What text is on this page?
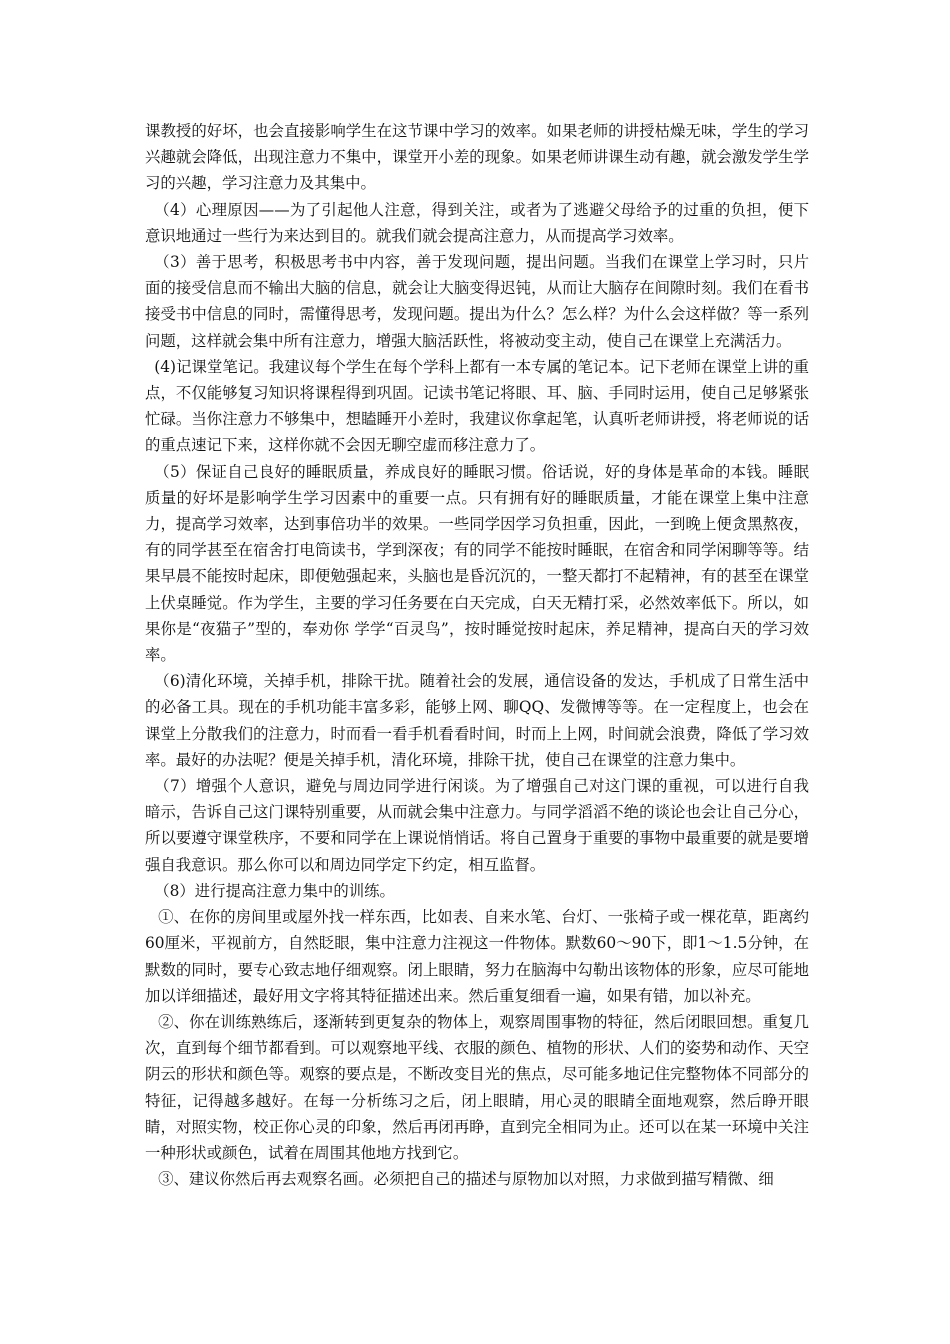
课教授的好坏，也会直接影响学生在这节课中学习的效率。如果老师的讲授枯燥无味，学生的学习兴趣就会降低，出现注意力不集中，课堂开小差的现象。如果老师讲课生动有趣，就会激发学生学习的兴趣，学习注意力及其集中。

（4）心理原因——为了引起他人注意，得到关注，或者为了逃避父母给予的过重的负担，便下意识地通过一些行为来达到目的。就我们就会提高注意力，从而提高学习效率。

（3）善于思考，积极思考书中内容，善于发现问题，提出问题。当我们在课堂上学习时，只片面的接受信息而不输出大脑的信息，就会让大脑变得迟钝，从而让大脑存在间隙时刻。我们在看书接受书中信息的同时，需懂得思考，发现问题。提出为什么？怎么样？为什么会这样做？等一系列问题，这样就会集中所有注意力，增强大脑活跃性，将被动变主动，使自己在课堂上充满活力。

(4)记课堂笔记。我建议每个学生在每个学科上都有一本专属的笔记本。记下老师在课堂上讲的重点，不仅能够复习知识将课程得到巩固。记读书笔记将眼、耳、脑、手同时运用，使自己足够紧张忙碌。当你注意力不够集中，想瞌睡开小差时，我建议你拿起笔，认真听老师讲授，将老师说的话的重点速记下来，这样你就不会因无聊空虚而移注意力了。

（5）保证自己良好的睡眠质量，养成良好的睡眠习惯。俗话说，好的身体是革命的本钱。睡眠质量的好坏是影响学生学习因素中的重要一点。只有拥有好的睡眠质量，才能在课堂上集中注意力，提高学习效率，达到事倍功半的效果。一些同学因学习负担重，因此，一到晚上便贪黑熬夜，有的同学甚至在宿舍打电筒读书，学到深夜；有的同学不能按时睡眠，在宿舍和同学闲聊等等。结果早晨不能按时起床，即便勉强起来，头脑也是昏沉沉的，一整天都打不起精神，有的甚至在课堂上伏桌睡觉。作为学生，主要的学习任务要在白天完成，白天无精打采，必然效率低下。所以，如果你是“夜猫子”型的，奉劝你 学学“百灵鸟”，按时睡觉按时起床，养足精神，提高白天的学习效率。

（6)清化环境，关掉手机，排除干扰。随着社会的发展，通信设备的发达，手机成了日常生活中的必备工具。现在的手机功能丰富多彩，能够上网、聊QQ、发微博等等。在一定程度上，也会在课堂上分散我们的注意力，时而看一看手机看看时间，时而上上网，时间就会浪费，降低了学习效率。最好的办法呢？便是关掉手机，清化环境，排除干扰，使自己在课堂的注意力集中。

（7）增强个人意识，避免与周边同学进行闲谈。为了增强自己对这门课的重视，可以进行自我暗示，告诉自己这门课特别重要，从而就会集中注意力。与同学滔滔不绝的谈论也会让自己分心，所以要遵守课堂秩序，不要和同学在上课说悄悄话。将自己置身于重要的事物中最重要的就是要增强自我意识。那么你可以和周边同学定下约定，相互监督。

（8）进行提高注意力集中的训练。

①、在你的房间里或屋外找一样东西，比如表、自来水笔、台灯、一张椅子或一棵花草，距离约60厘米，平视前方，自然眨眼，集中注意力注视这一件物体。默数60～90下，即1～1.5分钟，在默数的同时，要专心致志地仔细观察。闭上眼睛，努力在脑海中勾勒出该物体的形象，应尽可能地加以详细描述，最好用文字将其特征描述出来。然后重复细看一遍，如果有错，加以补充。

②、你在训练熟练后，逐渐转到更复杂的物体上，观察周围事物的特征，然后闭眼回想。重复几次，直到每个细节都看到。可以观察地平线、衣服的颜色、植物的形状、人们的姿势和动作、天空阴云的形状和颜色等。观察的要点是，不断改变目光的焦点，尽可能多地记住完整物体不同部分的特征，记得越多越好。在每一分析练习之后，闭上眼睛，用心灵的眼睛全面地观察，然后睁开眼睛，对照实物，校正你心灵的印象，然后再闭再睁，直到完全相同为止。还可以在某一环境中关注一种形状或颜色，试着在周围其他地方找到它。

③、建议你然后再去观察名画。必须把自己的描述与原物加以对照，力求做到描写精微、细
